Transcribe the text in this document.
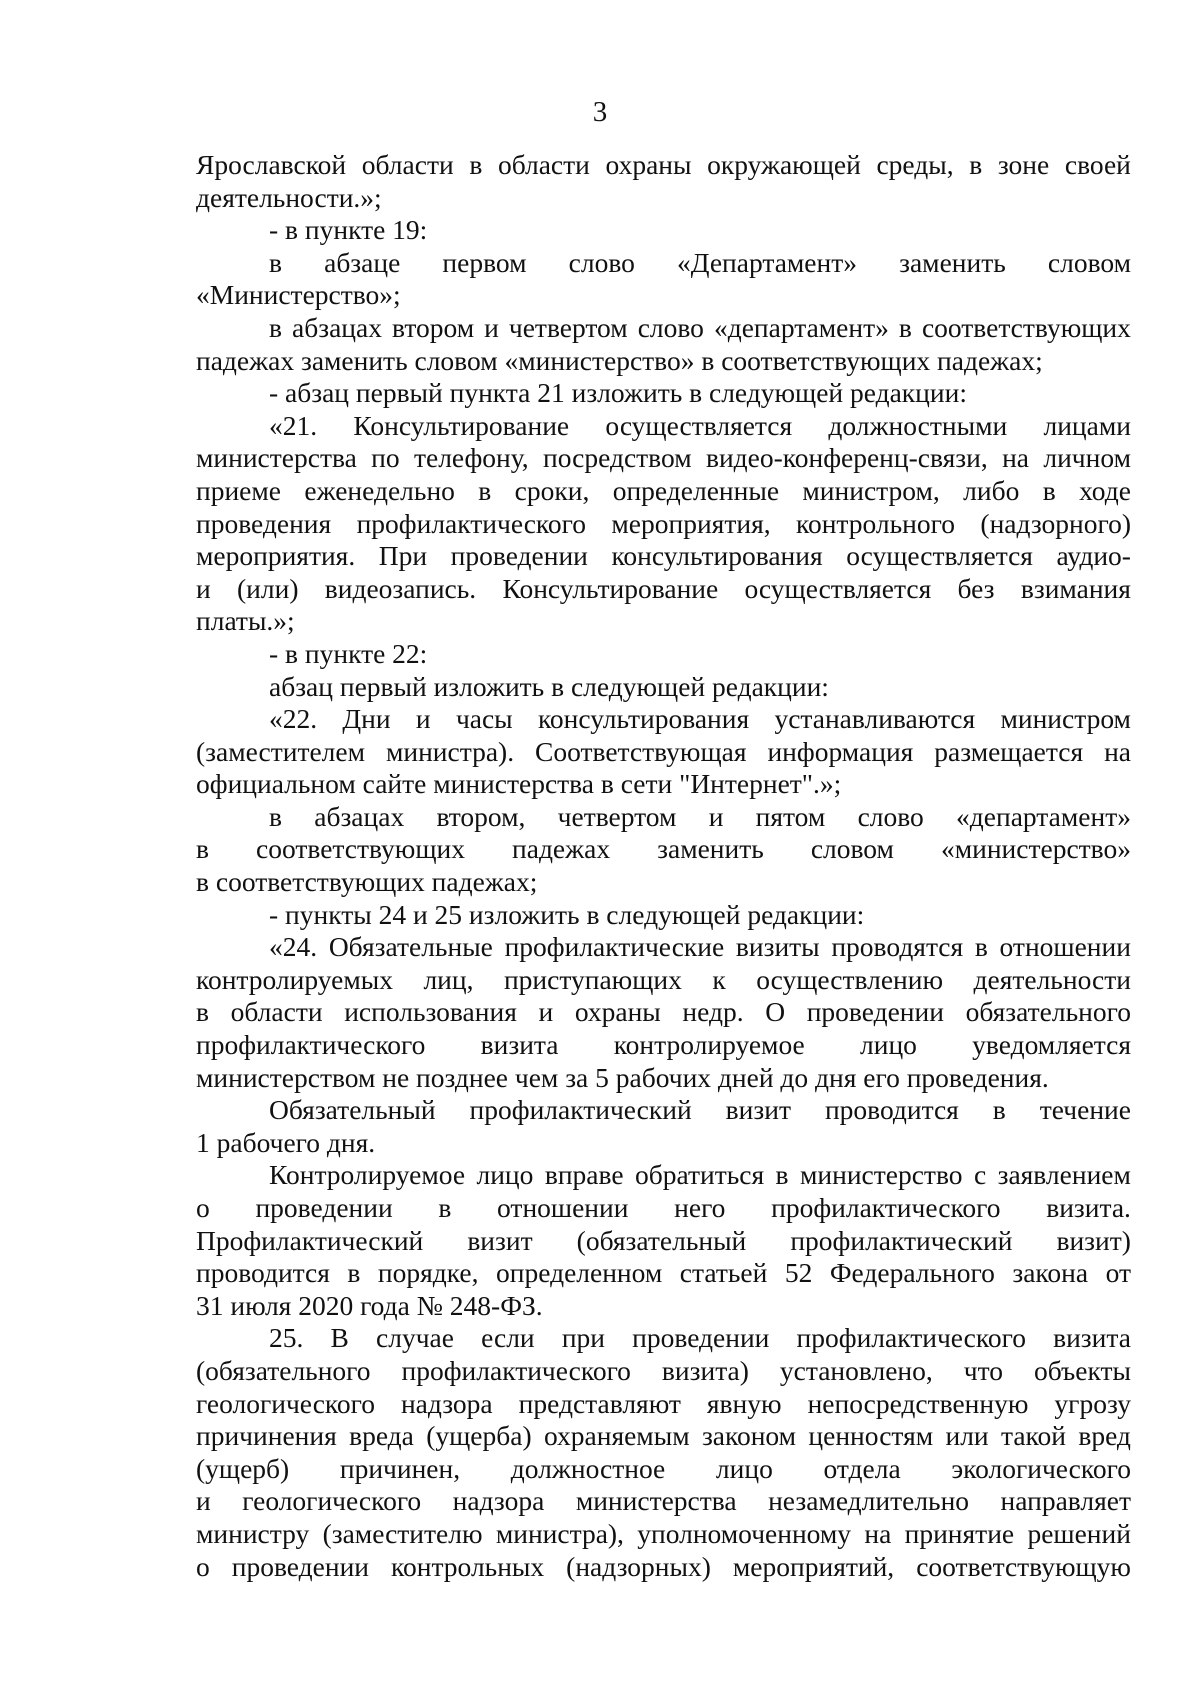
3
Ярославской области в области охраны окружающей среды, в зоне своей
деятельности.»;
- в пункте 19:
в абзаце первом слово «Департамент» заменить словом
«Министерство»;
в абзацах втором и четвертом слово «департамент» в соответствующих
падежах заменить словом «министерство» в соответствующих падежах;
- абзац первый пункта 21 изложить в следующей редакции:
«21. Консультирование осуществляется должностными лицами
министерства по телефону, посредством видео-конференц-связи, на личном
приеме еженедельно в сроки, определенные министром, либо в ходе
проведения профилактического мероприятия, контрольного (надзорного)
мероприятия. При проведении консультирования осуществляется аудио-
и (или) видеозапись. Консультирование осуществляется без взимания
платы.»;
- в пункте 22:
абзац первый изложить в следующей редакции:
«22. Дни и часы консультирования устанавливаются министром
(заместителем министра). Соответствующая информация размещается на
официальном сайте министерства в сети "Интернет".»;
в абзацах втором, четвертом и пятом слово «департамент»
в соответствующих падежах заменить словом «министерство»
в соответствующих падежах;
- пункты 24 и 25 изложить в следующей редакции:
«24. Обязательные профилактические визиты проводятся в отношении
контролируемых лиц, приступающих к осуществлению деятельности
в области использования и охраны недр. О проведении обязательного
профилактического визита контролируемое лицо уведомляется
министерством не позднее чем за 5 рабочих дней до дня его проведения.
Обязательный профилактический визит проводится в течение
1 рабочего дня.
Контролируемое лицо вправе обратиться в министерство с заявлением
о проведении в отношении него профилактического визита.
Профилактический визит (обязательный профилактический визит)
проводится в порядке, определенном статьей 52 Федерального закона от
31 июля 2020 года № 248-ФЗ.
25. В случае если при проведении профилактического визита
(обязательного профилактического визита) установлено, что объекты
геологического надзора представляют явную непосредственную угрозу
причинения вреда (ущерба) охраняемым законом ценностям или такой вред
(ущерб) причинен, должностное лицо отдела экологического
и геологического надзора министерства незамедлительно направляет
министру (заместителю министра), уполномоченному на принятие решений
о проведении контрольных (надзорных) мероприятий, соответствующую
